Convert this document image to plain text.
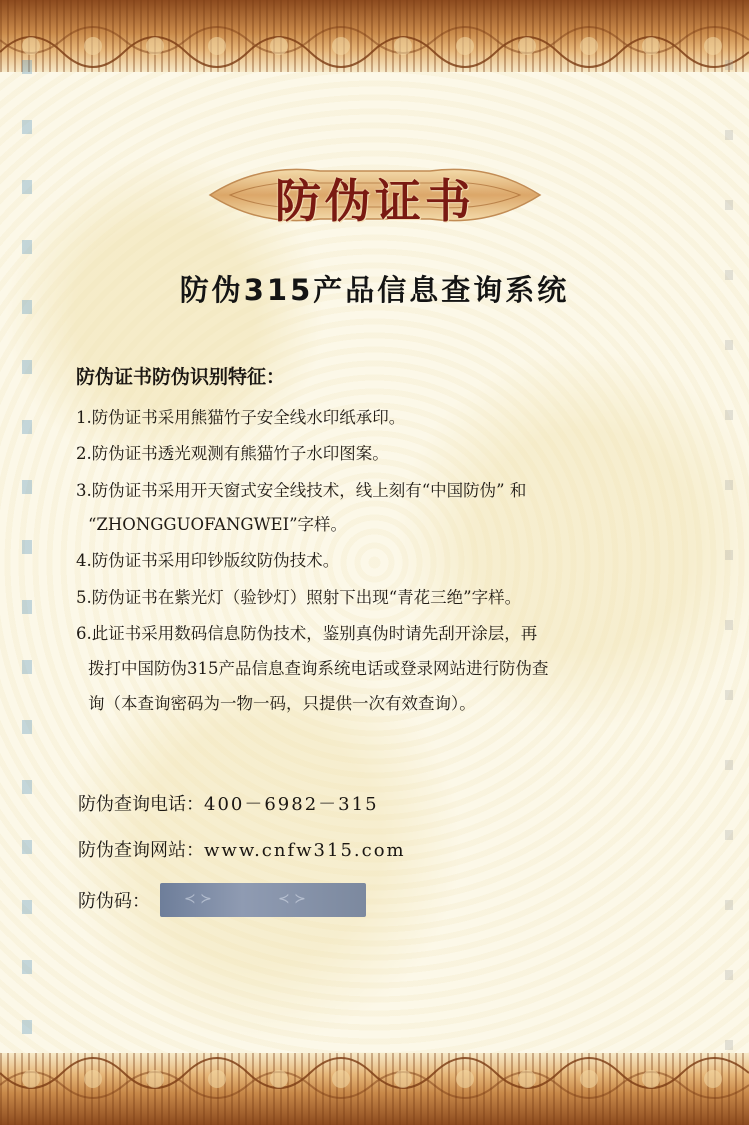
防伪证书
防伪315产品信息查询系统
防伪证书防伪识别特征：
1.防伪证书采用熊猫竹子安全线水印纸承印。
2.防伪证书透光观测有熊猫竹子水印图案。
3.防伪证书采用开天窗式安全线技术，线上刻有“中国防伪” 和
“ZHONGGUOFANGWEI”字样。
4.防伪证书采用印钞版纹防伪技术。
5.防伪证书在紫光灯（验钞灯）照射下出现“青花三绝”字样。
6.此证书采用数码信息防伪技术，鉴别真伪时请先刮开涂层，再
拨打中国防伪315产品信息查询系统电话或登录网站进行防伪查
询（本查询密码为一物一码，只提供一次有效查询）。
防伪查询电话：400－6982－315
防伪查询网站：www.cnfw315.com
防伪码： ≺ ≻	≺ ≻
